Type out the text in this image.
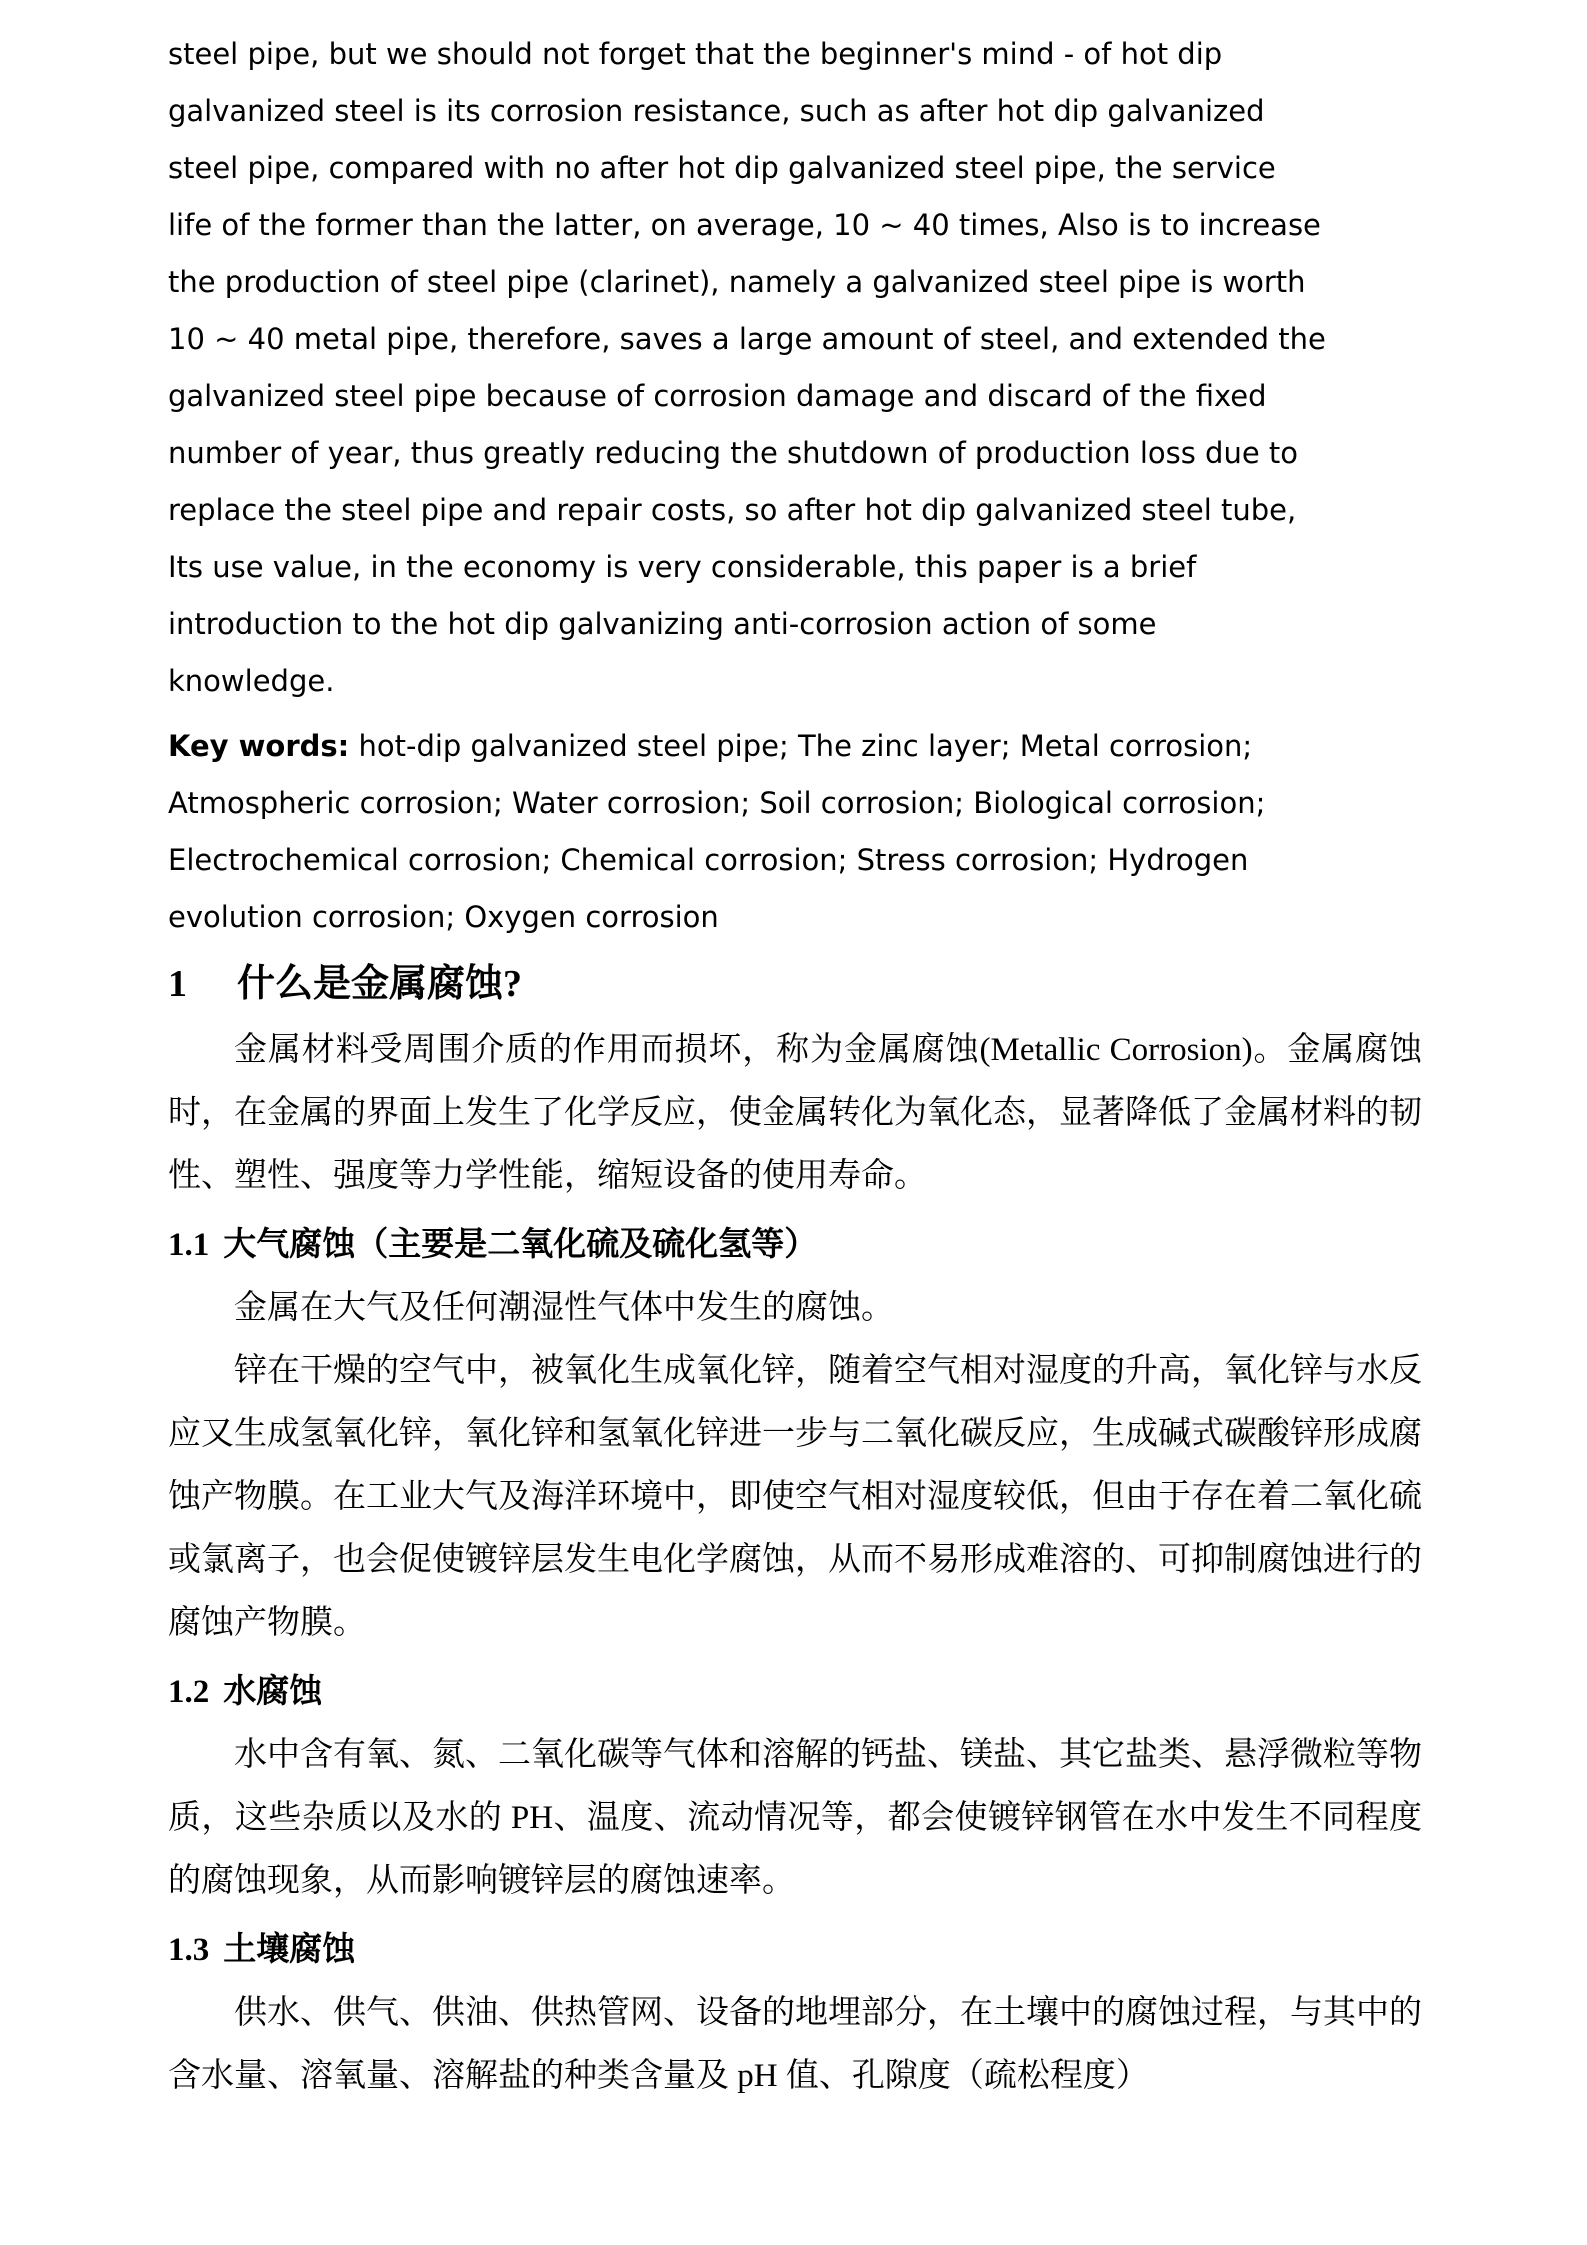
steel pipe, but we should not forget that the beginner's mind - of hot dip galvanized steel is its corrosion resistance, such as after hot dip galvanized steel pipe, compared with no after hot dip galvanized steel pipe, the service life of the former than the latter, on average, 10 ~ 40 times, Also is to increase the production of steel pipe (clarinet), namely a galvanized steel pipe is worth 10 ~ 40 metal pipe, therefore, saves a large amount of steel, and extended the galvanized steel pipe because of corrosion damage and discard of the fixed number of year, thus greatly reducing the shutdown of production loss due to replace the steel pipe and repair costs, so after hot dip galvanized steel tube, Its use value, in the economy is very considerable, this paper is a brief introduction to the hot dip galvanizing anti-corrosion action of some knowledge.

Key words: hot-dip galvanized steel pipe; The zinc layer; Metal corrosion; Atmospheric corrosion; Water corrosion; Soil corrosion; Biological corrosion; Electrochemical corrosion; Chemical corrosion; Stress corrosion; Hydrogen evolution corrosion; Oxygen corrosion

1 什么是金属腐蚀?

金属材料受周围介质的作用而损坏，称为金属腐蚀(Metallic Corrosion)。金属腐蚀时，在金属的界面上发生了化学反应，使金属转化为氧化态，显著降低了金属材料的韧性、塑性、强度等力学性能，缩短设备的使用寿命。

1.1 大气腐蚀（主要是二氧化硫及硫化氢等）

金属在大气及任何潮湿性气体中发生的腐蚀。

锌在干燥的空气中，被氧化生成氧化锌，随着空气相对湿度的升高，氧化锌与水反应又生成氢氧化锌，氧化锌和氢氧化锌进一步与二氧化碳反应，生成碱式碳酸锌形成腐蚀产物膜。在工业大气及海洋环境中，即使空气相对湿度较低，但由于存在着二氧化硫或氯离子，也会促使镀锌层发生电化学腐蚀，从而不易形成难溶的、可抑制腐蚀进行的腐蚀产物膜。

1.2 水腐蚀

水中含有氧、氮、二氧化碳等气体和溶解的钙盐、镁盐、其它盐类、悬浮微粒等物质，这些杂质以及水的 PH、温度、流动情况等，都会使镀锌钢管在水中发生不同程度的腐蚀现象，从而影响镀锌层的腐蚀速率。

1.3 土壤腐蚀

供水、供气、供油、供热管网、设备的地埋部分，在土壤中的腐蚀过程，与其中的含水量、溶氧量、溶解盐的种类含量及 pH 值、孔隙度（疏松程度）
